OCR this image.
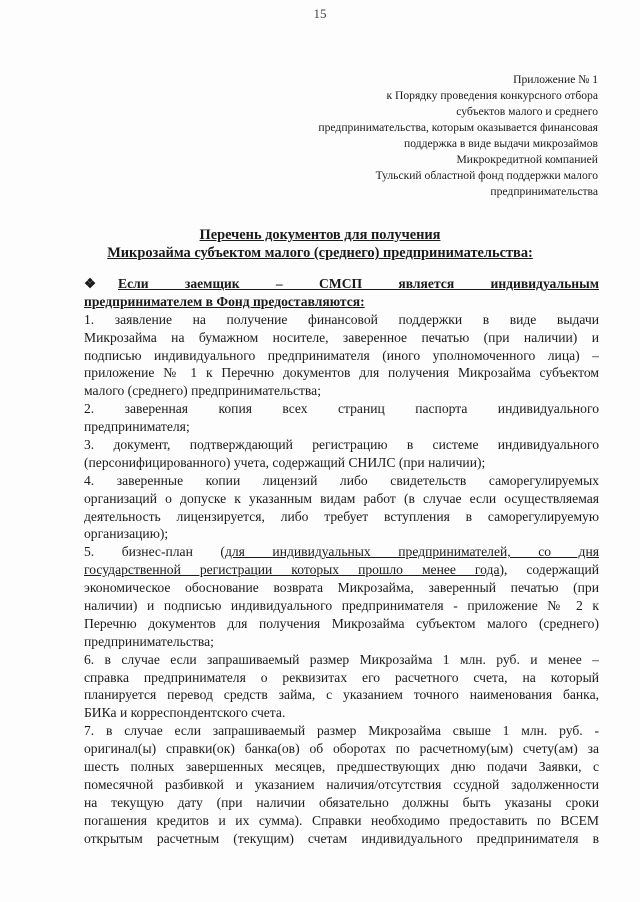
15
Приложение № 1
к Порядку проведения конкурсного отбора
субъектов малого и среднего
предпринимательства, которым оказывается финансовая
поддержка в виде выдачи микрозаймов
Микрокредитной компанией
Тульский областной фонд поддержки малого
предпринимательства
Перечень документов для получения
Микрозайма субъектом малого (среднего) предпринимательства:
❖ Если заемщик – СМСП является индивидуальным
предпринимателем в Фонд предоставляются:
1. заявление на получение финансовой поддержки в виде выдачи
Микрозайма на бумажном носителе, заверенное печатью (при наличии) и
подписью индивидуального предпринимателя (иного уполномоченного лица) –
приложение № 1 к Перечню документов для получения Микрозайма субъектом
малого (среднего) предпринимательства;
2. заверенная копия всех страниц паспорта индивидуального
предпринимателя;
3. документ, подтверждающий регистрацию в системе индивидуального
(персонифицированного) учета, содержащий СНИЛС (при наличии);
4. заверенные копии лицензий либо свидетельств саморегулируемых
организаций о допуске к указанным видам работ (в случае если осуществляемая
деятельность лицензируется, либо требует вступления в саморегулируемую
организацию);
5. бизнес-план (для индивидуальных предпринимателей, со дня
государственной регистрации которых прошло менее года), содержащий
экономическое обоснование возврата Микрозайма, заверенный печатью (при
наличии) и подписью индивидуального предпринимателя - приложение № 2 к
Перечню документов для получения Микрозайма субъектом малого (среднего)
предпринимательства;
6. в случае если запрашиваемый размер Микрозайма 1 млн. руб. и менее –
справка предпринимателя о реквизитах его расчетного счета, на который
планируется перевод средств займа, с указанием точного наименования банка,
БИКа и корреспондентского счета.
7. в случае если запрашиваемый размер Микрозайма свыше 1 млн. руб. -
оригинал(ы) справки(ок) банка(ов) об оборотах по расчетному(ым) счету(ам) за
шесть полных завершенных месяцев, предшествующих дню подачи Заявки, с
помесячной разбивкой и указанием наличия/отсутствия ссудной задолженности
на текущую дату (при наличии обязательно должны быть указаны сроки
погашения кредитов и их сумма). Справки необходимо предоставить по ВСЕМ
открытым расчетным (текущим) счетам индивидуального предпринимателя в
